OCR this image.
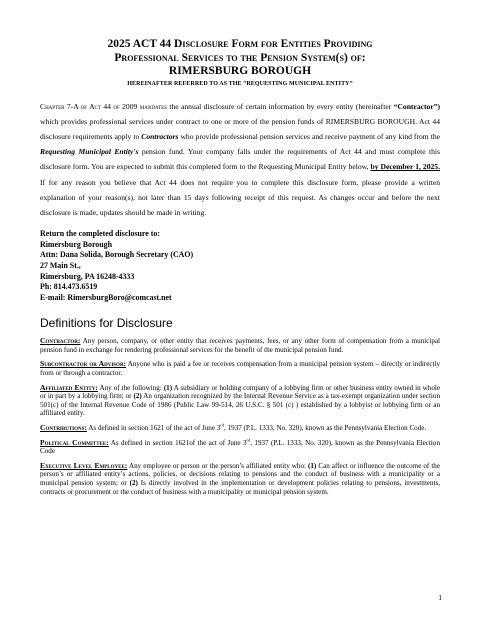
2025 ACT 44 Disclosure Form for Entities Providing

Professional Services to the Pension System(s) of:

RIMERSBURG BOROUGH

HEREINAFTER REFERRED TO AS THE “REQUESTING MUNICIPAL ENTITY”
Chapter 7-A of Act 44 of 2009 mandates the annual disclosure of certain information by every entity (hereinafter “Contractor”) which provides professional services under contract to one or more of the pension funds of RIMERSBURG BOROUGH. Act 44 disclosure requirements apply to Contractors who provide professional pension services and receive payment of any kind from the Requesting Municipal Entity's pension fund. Your company falls under the requirements of Act 44 and must complete this disclosure form. You are expected to submit this completed form to the Requesting Municipal Entity below, by December 1, 2025. If for any reason you believe that Act 44 does not require you to complete this disclosure form, please provide a written explanation of your reason(s), not later than 15 days following receipt of this request. As changes occur and before the next disclosure is made, updates should be made in writing.
Return the completed disclosure to:
Rimersburg Borough
Attn: Dana Solida, Borough Secretary (CAO)
27 Main St.,
Rimersburg, PA 16248-4333
Ph: 814.473.6519
E-mail: RimersburgBoro@comcast.net
Definitions for Disclosure
Contractor: Any person, company, or other entity that receives payments, fees, or any other form of compensation from a municipal pension fund in exchange for rendering professional services for the benefit of the municipal pension fund.
Subcontractor or Advisor: Anyone who is paid a fee or receives compensation from a municipal pension system – directly or indirectly from or through a contractor.
Affiliated Entity: Any of the following: (1) A subsidiary or holding company of a lobbying firm or other business entity owned in whole or in part by a lobbying firm; or (2) An organization recognized by the Internal Revenue Service as a tax-exempt organization under section 501(c) of the Internal Revenue Code of 1986 (Public Law 99-514, 26 U.S.C. § 501 (c) ) established by a lobbyist or lobbying firm or an affiliated entity.
Contributions: As defined in section 1621 of the act of June 3rd, 1937 (P.L. 1333, No. 320), known as the Pennsylvania Election Code.
Political Committee: As defined in section 1621of the act of June 3rd, 1937 (P.L. 1333, No. 320), known as the Pennsylvania Election Code
Executive Level Employee: Any employee or person or the person’s affiliated entity who: (1) Can affect or influence the outcome of the person’s or affiliated entity’s actions, policies, or decisions relating to pensions and the conduct of business with a municipality or a municipal pension system; or (2) Is directly involved in the implementation or development policies relating to pensions, investments, contracts or procurement or the conduct of business with a municipality or municipal pension system.
1
